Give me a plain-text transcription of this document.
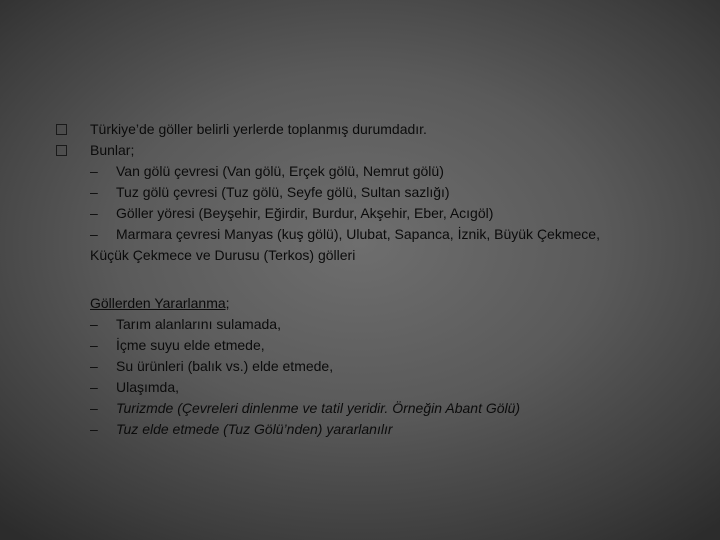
Türkiye’de göller belirli yerlerde toplanmış durumdadır.
Bunlar;
– Van gölü çevresi (Van gölü, Erçek gölü, Nemrut gölü)
– Tuz gölü çevresi (Tuz gölü, Seyfe gölü, Sultan sazlığı)
– Göller yöresi (Beyşehir, Eğirdir, Burdur, Akşehir, Eber, Acıgöl)
– Marmara çevresi Manyas (kuş gölü), Ulubat, Sapanca, İznik, Büyük Çekmece,
Küçük Çekmece ve Durusu (Terkos) gölleri
Göllerden Yararlanma;
– Tarım alanlarını sulamada,
– İçme suyu elde etmede,
– Su ürünleri (balık vs.) elde etmede,
– Ulaşımda,
– Turizmde (Çevreleri dinlenme ve tatil yeridir. Örneğin Abant Gölü)
– Tuz elde etmede (Tuz Gölü’nden) yararlanılır
